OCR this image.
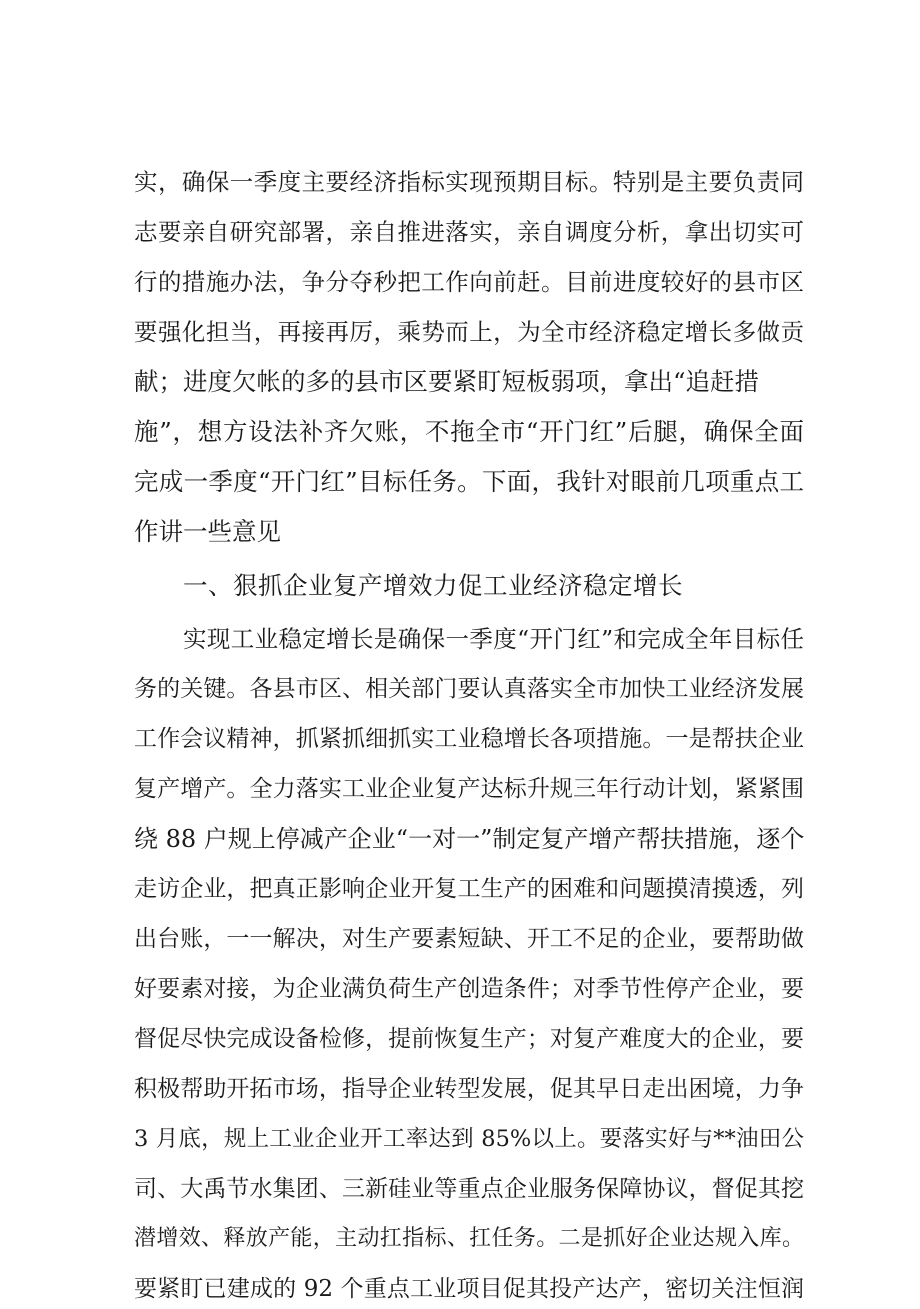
实，确保一季度主要经济指标实现预期目标。特别是主要负责同
志要亲自研究部署，亲自推进落实，亲自调度分析，拿出切实可
行的措施办法，争分夺秒把工作向前赶。目前进度较好的县市区
要强化担当，再接再厉，乘势而上，为全市经济稳定增长多做贡
献；进度欠帐的多的县市区要紧盯短板弱项，拿出“追赶措
施”，想方设法补齐欠账，不拖全市“开门红”后腿，确保全面
完成一季度“开门红”目标任务。下面，我针对眼前几项重点工
作讲一些意见
一、狠抓企业复产增效力促工业经济稳定增长
实现工业稳定增长是确保一季度“开门红”和完成全年目标任
务的关键。各县市区、相关部门要认真落实全市加快工业经济发展
工作会议精神，抓紧抓细抓实工业稳增长各项措施。一是帮扶企业
复产增产。全力落实工业企业复产达标升规三年行动计划，紧紧围
绕 88 户规上停减产企业“一对一”制定复产增产帮扶措施，逐个
走访企业，把真正影响企业开复工生产的困难和问题摸清摸透，列
出台账，一一解决，对生产要素短缺、开工不足的企业，要帮助做
好要素对接，为企业满负荷生产创造条件；对季节性停产企业，要
督促尽快完成设备检修，提前恢复生产；对复产难度大的企业，要
积极帮助开拓市场，指导企业转型发展，促其早日走出困境，力争
3 月底，规上工业企业开工率达到 85%以上。要落实好与**油田公
司、大禹节水集团、三新硅业等重点企业服务保障协议，督促其挖
潜增效、释放产能，主动扛指标、扛任务。二是抓好企业达规入库。
要紧盯已建成的 92 个重点工业项目促其投产达产，密切关注恒润
